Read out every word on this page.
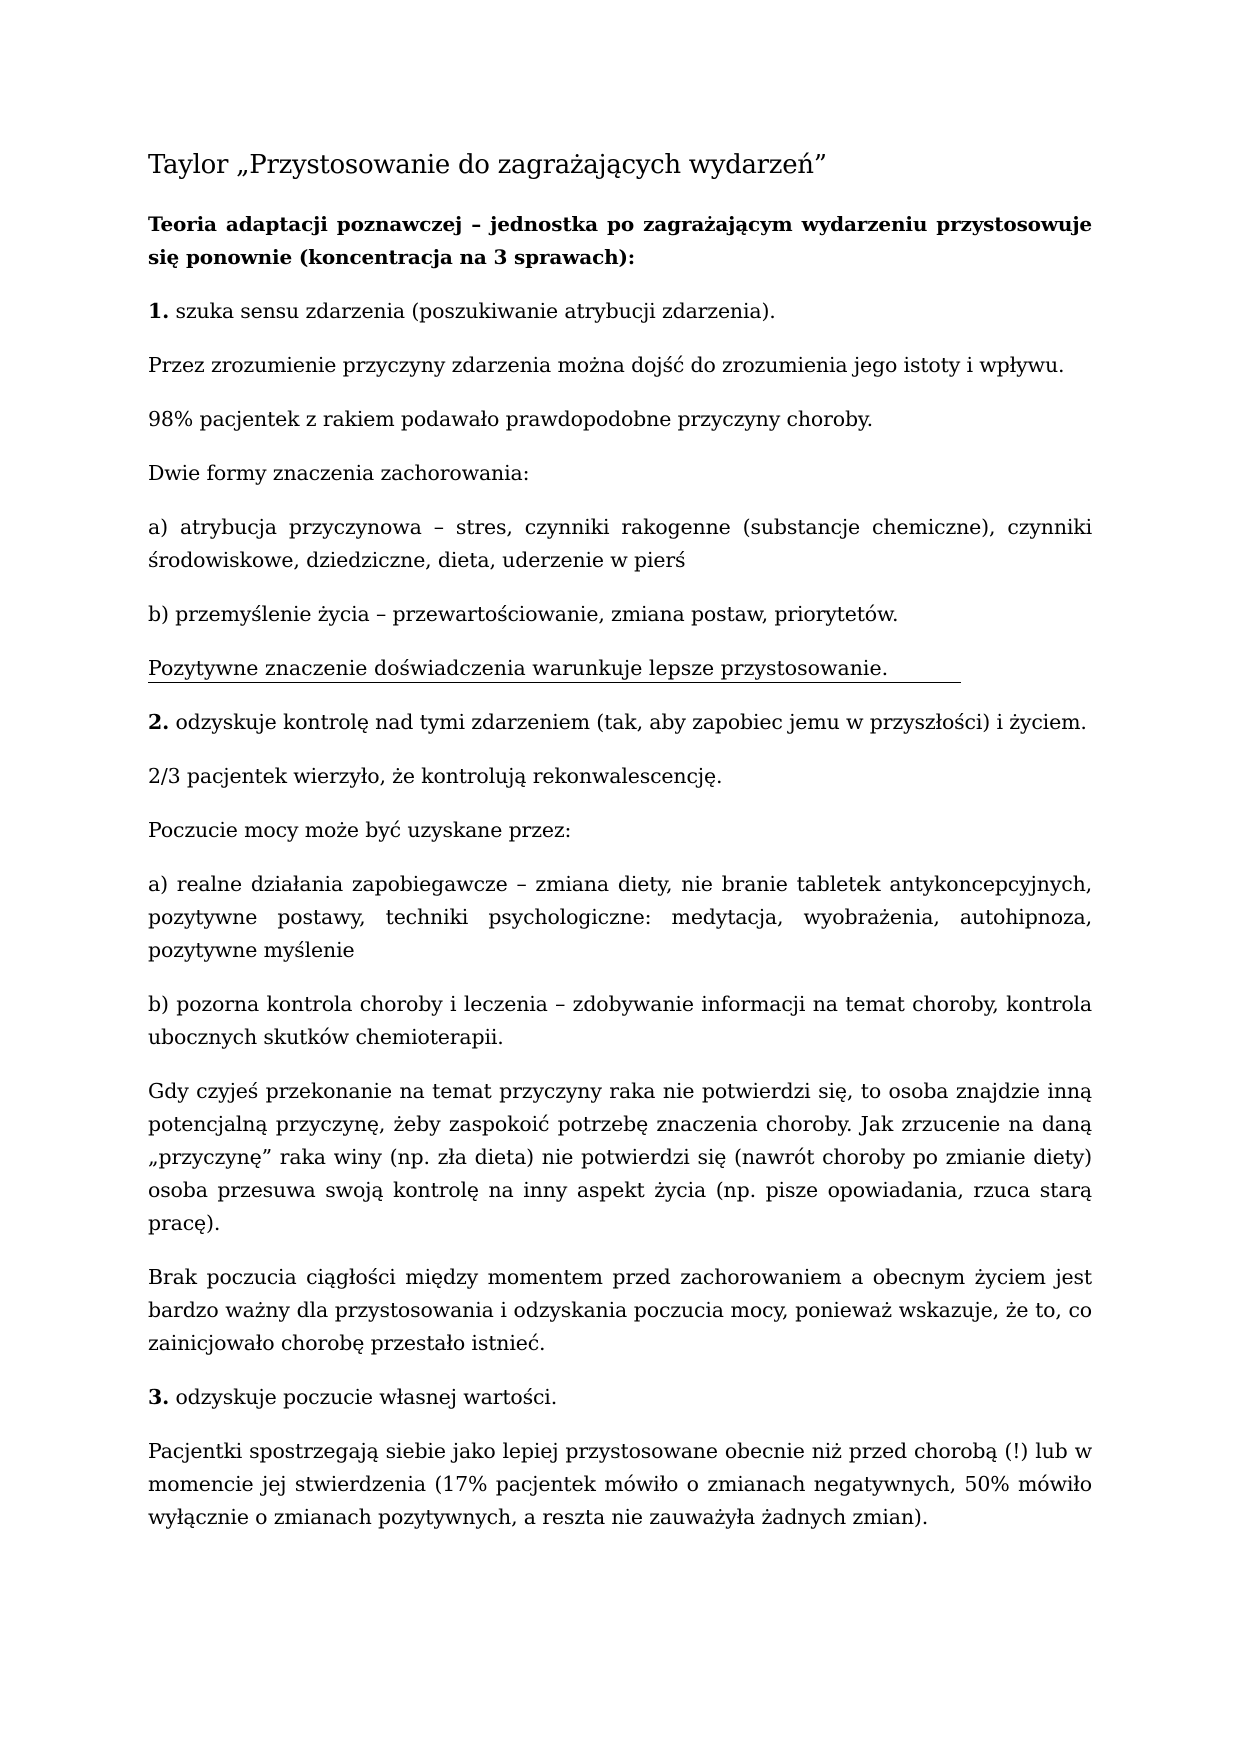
Taylor „Przystosowanie do zagrażających wydarzeń”

Teoria adaptacji poznawczej – jednostka po zagrażającym wydarzeniu przystosowuje się ponownie (koncentracja na 3 sprawach):

1. szuka sensu zdarzenia (poszukiwanie atrybucji zdarzenia).

Przez zrozumienie przyczyny zdarzenia można dojść do zrozumienia jego istoty i wpływu.

98% pacjentek z rakiem podawało prawdopodobne przyczyny choroby.

Dwie formy znaczenia zachorowania:

a) atrybucja przyczynowa – stres, czynniki rakogenne (substancje chemiczne), czynniki środowiskowe, dziedziczne, dieta, uderzenie w pierś

b) przemyślenie życia – przewartościowanie, zmiana postaw, priorytetów.

Pozytywne znaczenie doświadczenia warunkuje lepsze przystosowanie.

2. odzyskuje kontrolę nad tymi zdarzeniem (tak, aby zapobiec jemu w przyszłości) i życiem.

2/3 pacjentek wierzyło, że kontrolują rekonwalescencję.

Poczucie mocy może być uzyskane przez:

a) realne działania zapobiegawcze – zmiana diety, nie branie tabletek antykoncepcyjnych, pozytywne postawy, techniki psychologiczne: medytacja, wyobrażenia, autohipnoza, pozytywne myślenie

b) pozorna kontrola choroby i leczenia – zdobywanie informacji na temat choroby, kontrola ubocznych skutków chemioterapii.

Gdy czyjeś przekonanie na temat przyczyny raka nie potwierdzi się, to osoba znajdzie inną potencjalną przyczynę, żeby zaspokoić potrzebę znaczenia choroby. Jak zrzucenie na daną „przyczynę” raka winy (np. zła dieta) nie potwierdzi się (nawrót choroby po zmianie diety) osoba przesuwa swoją kontrolę na inny aspekt życia (np. pisze opowiadania, rzuca starą pracę).

Brak poczucia ciągłości między momentem przed zachorowaniem a obecnym życiem jest bardzo ważny dla przystosowania i odzyskania poczucia mocy, ponieważ wskazuje, że to, co zainicjowało chorobę przestało istnieć.

3. odzyskuje poczucie własnej wartości.

Pacjentki spostrzegają siebie jako lepiej przystosowane obecnie niż przed chorobą (!) lub w momencie jej stwierdzenia (17% pacjentek mówiło o zmianach negatywnych, 50% mówiło wyłącznie o zmianach pozytywnych, a reszta nie zauważyła żadnych zmian).
